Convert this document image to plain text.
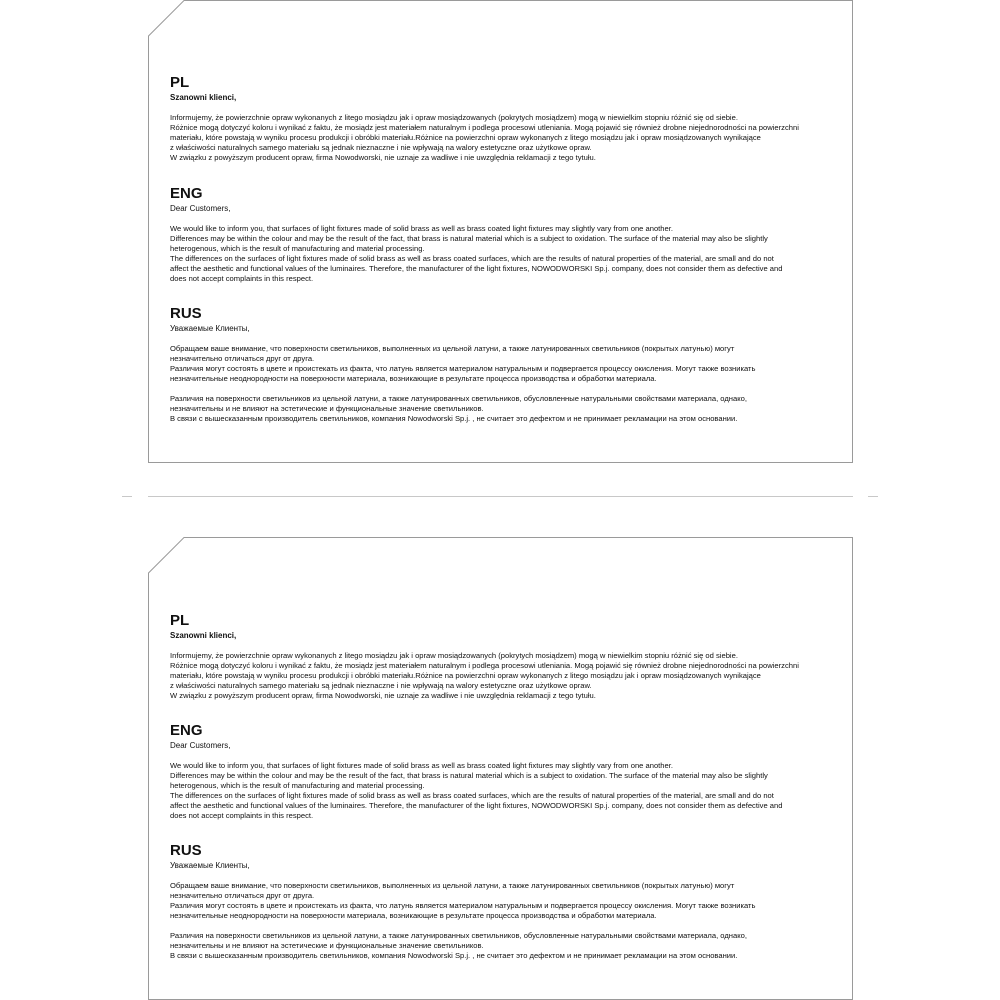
PL
Szanowni klienci,

Informujemy, że powierzchnie opraw wykonanych z litego mosiądzu jak i opraw mosiądzowanych (pokrytych mosiądzem) mogą w niewielkim stopniu różnić się od siebie.

Różnice mogą dotyczyć koloru i wynikać z faktu, że mosiądz jest materiałem naturalnym i podlega procesowi utleniania. Mogą pojawić się również drobne niejednorodności na powierzchni

materiału, które powstają w wyniku procesu produkcji i obróbki materiału.Różnice na powierzchni opraw wykonanych z litego mosiądzu jak i opraw mosiądzowanych wynikające

z właściwości naturalnych samego materiału są jednak nieznaczne i nie wpływają na walory estetyczne oraz użytkowe opraw.

W związku z powyższym producent opraw, firma Nowodworski, nie uznaje za wadliwe i nie uwzględnia reklamacji z tego tytułu.

ENG
Dear Customers,

We would like to inform you, that surfaces of light fixtures made of solid brass as well as brass coated light fixtures may slightly vary from one another.

Differences may be within the colour and may be the result of the fact, that brass is natural material which is a subject to oxidation. The surface of the material may also be slightly

heterogenous, which is the result of manufacturing and material processing.

The differences on the surfaces of light fixtures made of solid brass as well as brass coated surfaces, which are the results of natural properties of the material, are small and do not

affect the aesthetic and functional values of the luminaires. Therefore, the manufacturer of the light fixtures, NOWODWORSKI Sp.j. company, does not consider them as defective and

does not accept complaints in this respect.

RUS
Уважаемые Клиенты,

Обращаем ваше внимание, что поверхности светильников, выполненных из цельной латуни, а также латунированных светильников (покрытых латунью) могут

незначительно отличаться друг от друга.

Различия могут состоять в цвете и проистекать из факта, что латунь является материалом натуральным и подвергается процессу окисления. Могут также возникать

незначительные неоднородности на поверхности материала, возникающие в результате процесса производства и обработки материала.

Различия на поверхности светильников из цельной латуни, а также латунированных светильников, обусловленные натуральными свойствами материала, однако,

незначительны и не влияют на эстетические и функциональные значение светильников.

В связи с вышесказанным производитель светильников, компания Nowodworski Sp.j. , не считает это дефектом и не принимает рекламации на этом основании.

PL
Szanowni klienci,

Informujemy, że powierzchnie opraw wykonanych z litego mosiądzu jak i opraw mosiądzowanych (pokrytych mosiądzem) mogą w niewielkim stopniu różnić się od siebie.

Różnice mogą dotyczyć koloru i wynikać z faktu, że mosiądz jest materiałem naturalnym i podlega procesowi utleniania. Mogą pojawić się również drobne niejednorodności na powierzchni

materiału, które powstają w wyniku procesu produkcji i obróbki materiału.Różnice na powierzchni opraw wykonanych z litego mosiądzu jak i opraw mosiądzowanych wynikające

z właściwości naturalnych samego materiału są jednak nieznaczne i nie wpływają na walory estetyczne oraz użytkowe opraw.

W związku z powyższym producent opraw, firma Nowodworski, nie uznaje za wadliwe i nie uwzględnia reklamacji z tego tytułu.

ENG
Dear Customers,

We would like to inform you, that surfaces of light fixtures made of solid brass as well as brass coated light fixtures may slightly vary from one another.

Differences may be within the colour and may be the result of the fact, that brass is natural material which is a subject to oxidation. The surface of the material may also be slightly

heterogenous, which is the result of manufacturing and material processing.

The differences on the surfaces of light fixtures made of solid brass as well as brass coated surfaces, which are the results of natural properties of the material, are small and do not

affect the aesthetic and functional values of the luminaires. Therefore, the manufacturer of the light fixtures, NOWODWORSKI Sp.j. company, does not consider them as defective and

does not accept complaints in this respect.

RUS
Уважаемые Клиенты,

Обращаем ваше внимание, что поверхности светильников, выполненных из цельной латуни, а также латунированных светильников (покрытых латунью) могут

незначительно отличаться друг от друга.

Различия могут состоять в цвете и проистекать из факта, что латунь является материалом натуральным и подвергается процессу окисления. Могут также возникать

незначительные неоднородности на поверхности материала, возникающие в результате процесса производства и обработки материала.

Различия на поверхности светильников из цельной латуни, а также латунированных светильников, обусловленные натуральными свойствами материала, однако,

незначительны и не влияют на эстетические и функциональные значение светильников.

В связи с вышесказанным производитель светильников, компания Nowodworski Sp.j. , не считает это дефектом и не принимает рекламации на этом основании.
